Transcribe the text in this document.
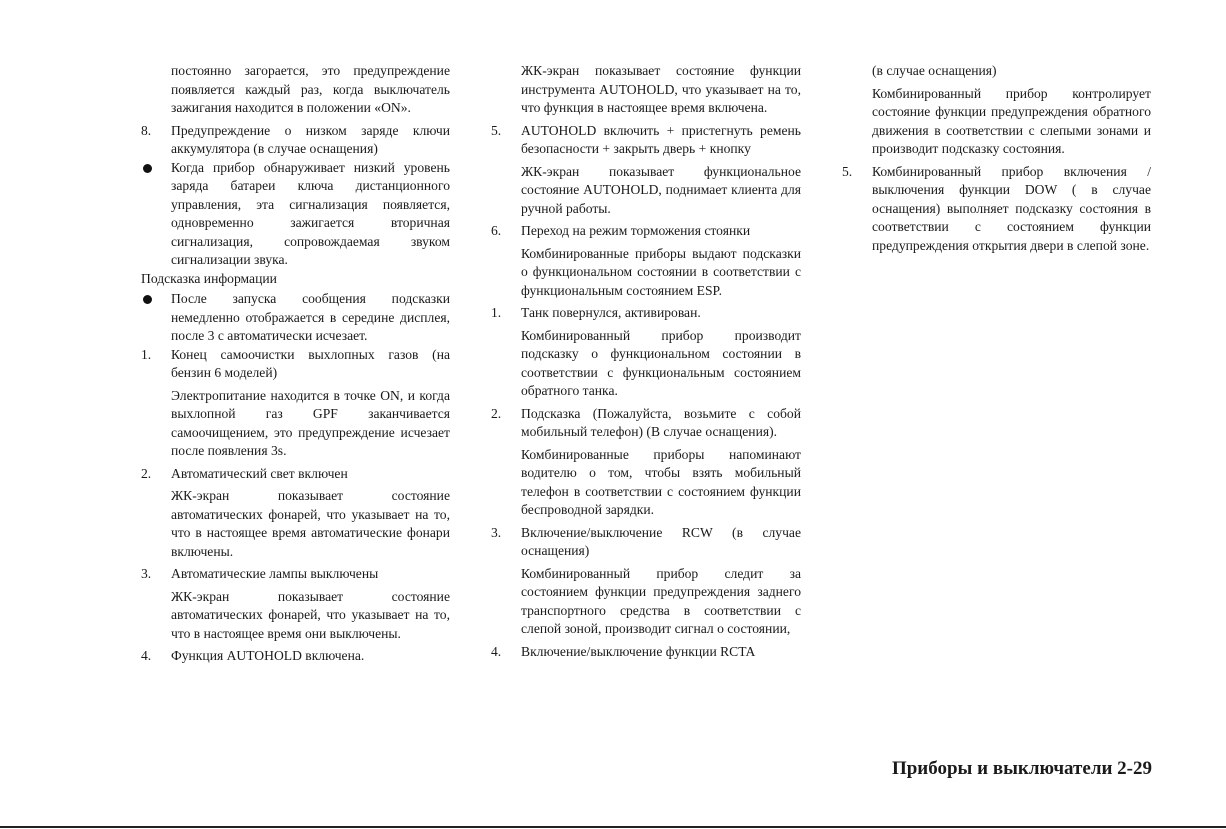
постоянно загорается, это предупреждение появляется каждый раз, когда выключатель зажигания находится в положении «ON».
8. Предупреждение о низком заряде ключи аккумулятора (в случае оснащения)
Когда прибор обнаруживает низкий уровень заряда батареи ключа дистанционного управления, эта сигнализация появляется, одновременно зажигается вторичная сигнализация, сопровождаемая звуком сигнализации звука.
Подсказка информации
После запуска сообщения подсказки немедленно отображается в середине дисплея, после 3 с автоматически исчезает.
1. Конец самоочистки выхлопных газов (на бензин 6 моделей)
Электропитание находится в точке ON, и когда выхлопной газ GPF заканчивается самоочищением, это предупреждение исчезает после появления 3s.
2. Автоматический свет включен
ЖК-экран показывает состояние автоматических фонарей, что указывает на то, что в настоящее время автоматические фонари включены.
3. Автоматические лампы выключены
ЖК-экран показывает состояние автоматических фонарей, что указывает на то, что в настоящее время они выключены.
4. Функция AUTOHOLD включена.
ЖК-экран показывает состояние функции инструмента AUTOHOLD, что указывает на то, что функция в настоящее время включена.
5. AUTOHOLD включить + пристегнуть ремень безопасности + закрыть дверь + кнопку
ЖК-экран показывает функциональное состояние AUTOHOLD, поднимает клиента для ручной работы.
6. Переход на режим торможения стоянки
Комбинированные приборы выдают подсказки о функциональном состоянии в соответствии с функциональным состоянием ESP.
1. Танк повернулся, активирован.
Комбинированный прибор производит подсказку о функциональном состоянии в соответствии с функциональным состоянием обратного танка.
2. Подсказка (Пожалуйста, возьмите с собой мобильный телефон) (В случае оснащения).
Комбинированные приборы напоминают водителю о том, чтобы взять мобильный телефон в соответствии с состоянием функции беспроводной зарядки.
3. Включение/выключение RCW (в случае оснащения)
Комбинированный прибор следит за состоянием функции предупреждения заднего транспортного средства в соответствии с слепой зоной, производит сигнал о состоянии,
4. Включение/выключение функции RCTA
(в случае оснащения)
Комбинированный прибор контролирует состояние функции предупреждения обратного движения в соответствии с слепыми зонами и производит подсказку состояния.
5. Комбинированный прибор включения / выключения функции DOW ( в случае оснащения) выполняет подсказку состояния в соответствии с состоянием функции предупреждения открытия двери в слепой зоне.
Приборы и выключатели 2-29
